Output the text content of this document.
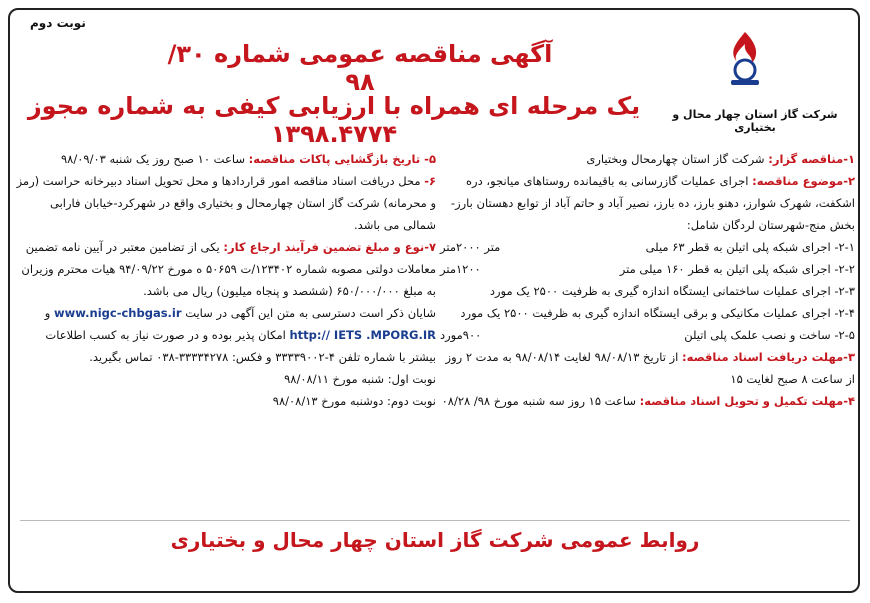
نوبت دوم
شرکت گاز استان چهار محال و بختیاری
آگهی مناقصه عمومی شماره ۳۰/ ۹۸
یک مرحله ای همراه با ارزیابی کیفی به شماره مجوز ۱۳۹۸.۴۷۷۴

۱-مناقصه گزار: شرکت گاز استان چهارمحال وبختیاری

۲-موضوع مناقصه: اجرای عملیات گازرسانی به باقیمانده روستاهای میانجو، دره اشکفت، شهرک شوارز، دهنو بارز، ده بارز، نصیر آباد و حاتم آباد از توابع دهستان بارز- بخش منج-شهرستان لردگان شامل:

۲-۱- اجرای شبکه پلی اتیلن به قطر ۶۳ میلی
متر ۲۰۰۰متر
۲-۲- اجرای شبکه پلی اتیلن به قطر ۱۶۰ میلی متر
۱۲۰۰متر
۲-۳- اجرای عملیات ساختمانی ایستگاه اندازه گیری به ظرفیت ۲۵۰۰ یک مورد
۲-۴- اجرای عملیات مکانیکی و برقی ایستگاه اندازه گیری به ظرفیت ۲۵۰۰ یک مورد
۲-۵- ساخت و نصب علمک پلی اتیلن
۹۰۰مورد

۳-مهلت دریافت اسناد مناقصه: از تاریخ ۹۸/۰۸/۱۳ لغایت ۹۸/۰۸/۱۴ به مدت ۲ روز از ساعت ۸ صبح لغایت ۱۵

۴-مهلت تکمیل و تحویل اسناد مناقصه: ساعت ۱۵ روز سه شنبه مورخ ۹۸/ ۰۸/۲۸

۵- تاریخ بازگشایی پاکات مناقصه: ساعت ۱۰ صبح روز یک شنبه ۹۸/۰۹/۰۳

۶- محل دریافت اسناد مناقصه امور قراردادها و محل تحویل اسناد دبیرخانه حراست (رمز و محرمانه) شرکت گاز استان چهارمحال و بختیاری واقع در شهرکرد-خیابان فارابی شمالی می باشد.

۷-نوع و مبلغ تضمین فرآیند ارجاع کار: یکی از تضامین معتبر در آیین نامه تضمین معاملات دولتی مصوبه شماره ۱۲۳۴۰۲/ت ۵۰۶۵۹ ه مورخ ۹۴/۰۹/۲۲ هیات محترم وزیران به مبلغ ۶۵۰/۰۰۰/۰۰۰ (ششصد و پنجاه میلیون) ریال می باشد.

شایان ذکر است دسترسی به متن این آگهی در سایت www.nigc-chbgas.ir و http:// IETS .MPORG.IR امکان پذیر بوده و در صورت نیاز به کسب اطلاعات بیشتر با شماره تلفن ۴-۳۳۳۳۹۰۰۲ و فکس: ۳۳۳۳۴۲۷۸-۰۳۸ تماس بگیرید.

نوبت اول: شنبه مورخ ۹۸/۰۸/۱۱

نوبت دوم: دوشنبه مورخ ۹۸/۰۸/۱۳

روابط عمومی شرکت گاز استان چهار محال و بختیاری
